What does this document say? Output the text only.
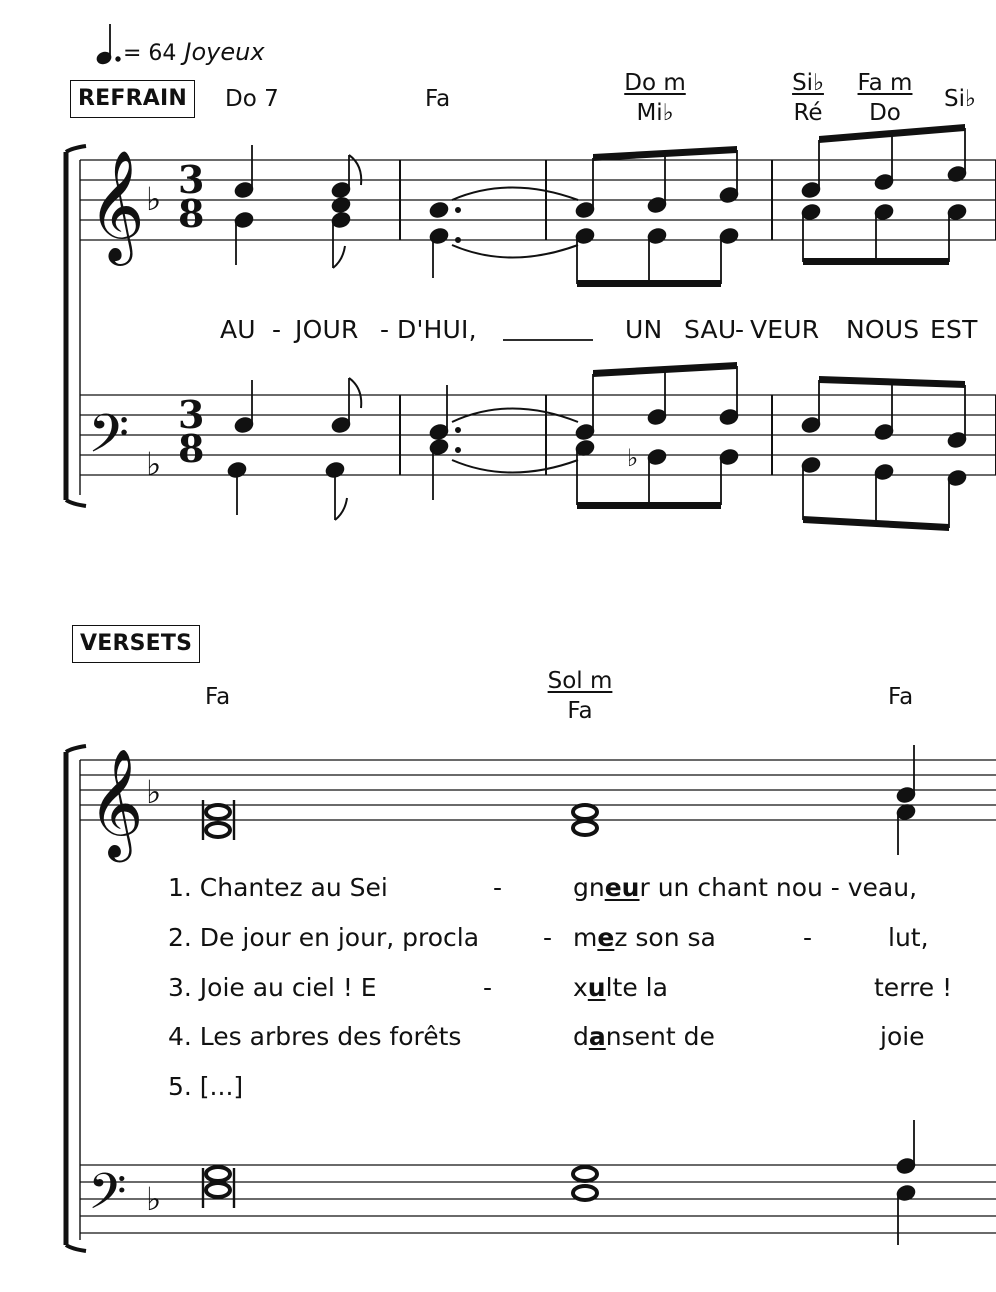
𝄞
𝄢	♭
𝄞
𝄢
= 64 Joyeux
REFRAIN
3
8
3
8
♭
♭
♭
♭
Do 7	Fa	$\frac{\text{Do m}}{Mi♭}$	$\frac{Si♭}{Ré} \frac{\text{Fa m}}{Do}$ Si♭
AU - JOUR - D'HUI,	UN SAU
- VEUR NOUS EST
VERSETS
Fa
Sol m
Fa
Fa
1. Chantez au Sei	-	gneur un chant nou - veau,
2. De jour en jour, procla	- mez son sa	-	lut,
3. Joie au ciel ! E	-	xulte la	terre !
4. Les arbres des forêts	dansent de	joie
5. [...]
